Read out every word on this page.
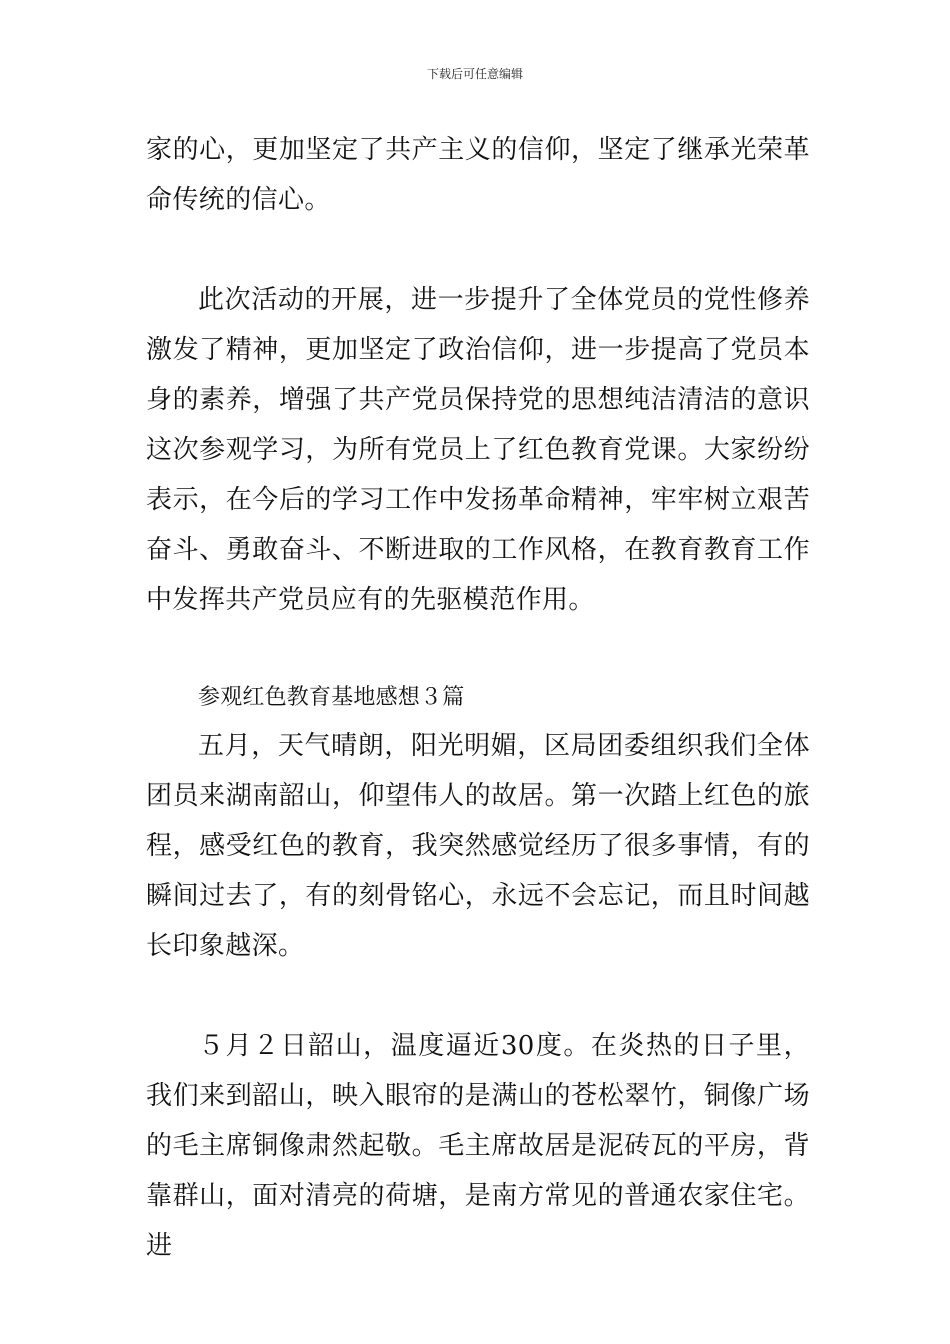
下载后可任意编辑

家的心，更加坚定了共产主义的信仰，坚定了继承光荣革命传统的信心。

此次活动的开展，进一步提升了全体党员的党性修养激发了精神，更加坚定了政治信仰，进一步提高了党员本身的素养，增强了共产党员保持党的思想纯洁清洁的意识这次参观学习，为所有党员上了红色教育党课。大家纷纷表示，在今后的学习工作中发扬革命精神，牢牢树立艰苦奋斗、勇敢奋斗、不断进取的工作风格，在教育教育工作中发挥共产党员应有的先驱模范作用。

参观红色教育基地感想３篇

五月，天气晴朗，阳光明媚，区局团委组织我们全体团员来湖南韶山，仰望伟人的故居。第一次踏上红色的旅程，感受红色的教育，我突然感觉经历了很多事情，有的瞬间过去了，有的刻骨铭心，永远不会忘记，而且时间越长印象越深。

５月２日韶山，温度逼近30度。在炎热的日子里，我们来到韶山，映入眼帘的是满山的苍松翠竹，铜像广场的毛主席铜像肃然起敬。毛主席故居是泥砖瓦的平房，背靠群山，面对清亮的荷塘，是南方常见的普通农家住宅。进
